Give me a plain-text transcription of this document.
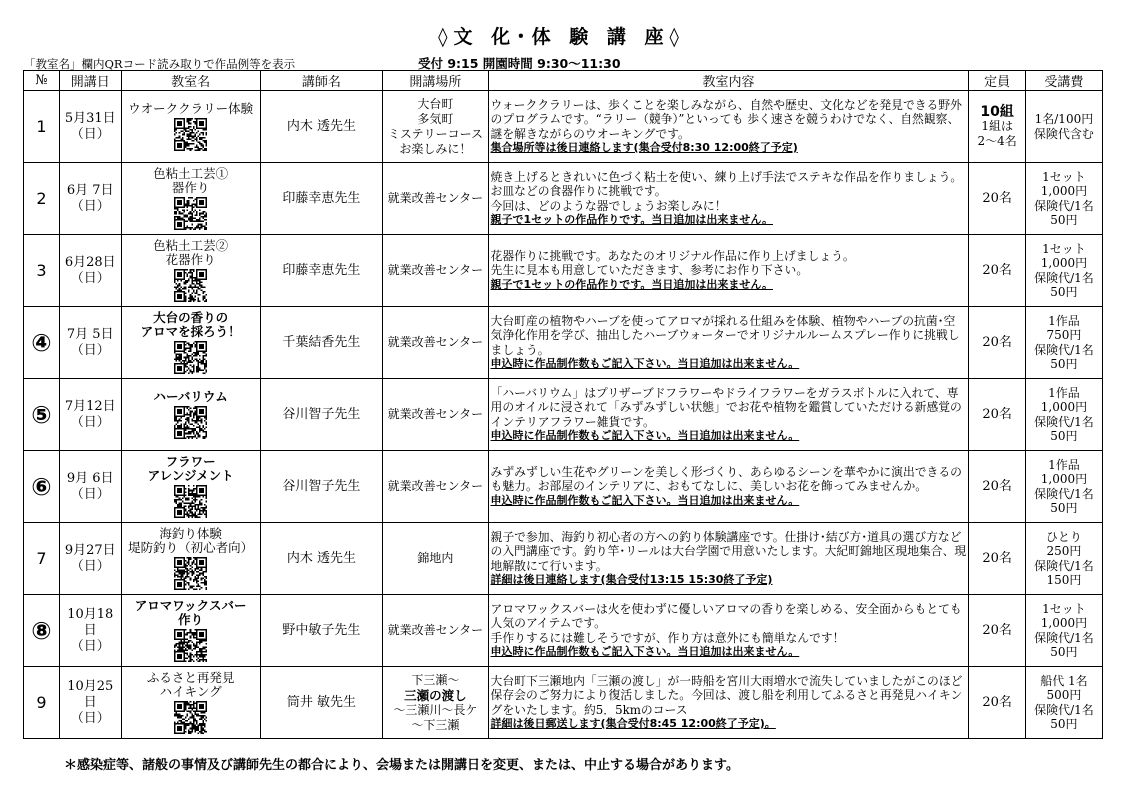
◊文 化･体 験 講 座◊
「教室名」欄内QRコード読み取りで作品例等を表示	受付 9:15 開園時間 9:30〜11:30
№	開講日	教室名	講師名	開講場所	教室内容	定員	受講費
1	5月31日
（日）	ウオーククラリー体験	内木 透先生	大台町
多気町
ミステリーコース
お楽しみに！	ウォーククラリーは、歩くことを楽しみながら、自然や歴史、文化などを発見できる野外のプログラムです。“ラリー（競争）”といっても 歩く速さを競うわけでなく、自然観察、謎を解きながらのウオーキングです。
集合場所等は後日連絡します(集合受付8:30 12:00終了予定)	10組
1組は
2〜4名	1名/100円
保険代含む
2	6月 7日
（日）	色粘土工芸①
器作り	印藤幸恵先生	就業改善センター	焼き上げるときれいに色づく粘土を使い、練り上げ手法でステキな作品を作りましょう。お皿などの食器作りに挑戦です。
今回は、どのような器でしょうお楽しみに！
親子で1セットの作品作りです。当日追加は出来ません。	20名	1セット
1,000円
保険代/1名
50円
3	6月28日
（日）	色粘土工芸②
花器作り	印藤幸恵先生	就業改善センター	花器作りに挑戦です。あなたのオリジナル作品に作り上げましょう。
先生に見本も用意していただきます、参考にお作り下さい。
親子で1セットの作品作りです。当日追加は出来ません。	20名	1セット
1,000円
保険代/1名
50円
④	7月 5日
（日）	大台の香りの
アロマを採ろう！	千葉結香先生	就業改善センター	大台町産の植物やハーブを使ってアロマが採れる仕組みを体験、植物やハーブの抗菌･空気浄化作用を学び、抽出したハーブウォーターでオリジナルルームスプレー作りに挑戦しましょう。
申込時に作品制作数もご記入下さい。当日追加は出来ません。	20名	1作品
750円
保険代/1名
50円
⑤	7月12日
（日）	ハーバリウム	谷川智子先生	就業改善センター	「ハーバリウム」はプリザーブドフラワーやドライフラワーをガラスボトルに入れて、専用のオイルに浸されて「みずみずしい状態」でお花や植物を鑑賞していただける新感覚のインテリアフラワー雑貨です。
申込時に作品制作数もご記入下さい。当日追加は出来ません。	20名	1作品
1,000円
保険代/1名
50円
⑥	9月 6日
（日）	フラワー
アレンジメント	谷川智子先生	就業改善センター	みずみずしい生花やグリーンを美しく形づくり、あらゆるシーンを華やかに演出できるのも魅力。お部屋のインテリアに、おもてなしに、美しいお花を飾ってみませんか。
申込時に作品制作数もご記入下さい。当日追加は出来ません。	20名	1作品
1,000円
保険代/1名
50円
7	9月27日
（日）	海釣り体験
堤防釣り（初心者向）	内木 透先生	錦地内	親子で参加、海釣り初心者の方への釣り体験講座です。仕掛け･結び方･道具の選び方などの入門講座です。釣り竿･リールは大台学園で用意いたします。大紀町錦地区現地集合、現地解散にて行います。
詳細は後日連絡します(集合受付13:15 15:30終了予定)	20名	ひとり
250円
保険代/1名
150円
⑧	10月18日
（日）	アロマワックスバー
作り	野中敏子先生	就業改善センター	アロマワックスバーは火を使わずに優しいアロマの香りを楽しめる、安全面からもとても人気のアイテムです。
手作りするには難しそうですが、作り方は意外にも簡単なんです！
申込時に作品制作数もご記入下さい。当日追加は出来ません。	20名	1セット
1,000円
保険代/1名
50円
9	10月25日
（日）	ふるさと再発見
ハイキング	筒井 敏先生	下三瀬〜
三瀬の渡し
〜三瀬川〜長ケ
〜下三瀬	大台町下三瀬地内「三瀬の渡し」が一時船を宮川大雨増水で流失していましたがこのほど保存会のご努力により復活しました。今回は、渡し船を利用してふるさと再発見ハイキングをいたします。約5．5kmのコース
詳細は後日郵送します(集合受付8:45 12:00終了予定)。	20名	船代 1名
500円
保険代/1名
50円
＊感染症等、諸般の事情及び講師先生の都合により、会場または開講日を変更、または、中止する場合があります。
